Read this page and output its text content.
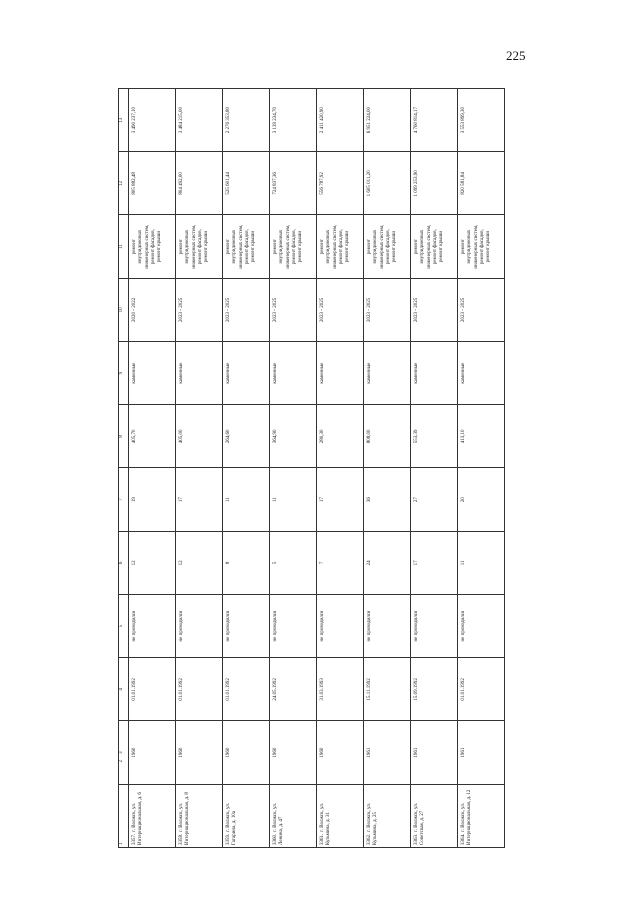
225
12	3	4	5	6	7	8	9	10	11	12	13
3357.г. Волжск, ул. Интернациональная, д. 6	1960	01.01.1992	не проводился	12	19	405,70	каменные	2020 - 2022	ремонт внутридомовых инженерных систем, ремонт фасадов, ремонт крыши	805 882,48	3 490 237,10
3358.г. Волжск, ул. Интернациональная, д. 8	1960	01.01.1992	не проводился	12	17	405,00	каменные	2023 - 2025	ремонт внутридомовых инженерных систем, ремонт фасадов, ремонт крыши	804 492,00	3 484 215,00
3359.г. Волжск, ул. Гагарина, д. 10а	1960	01.01.1992	не проводился	8	11	264,60	каменные	2023 - 2025	ремонт внутридомовых инженерных систем, ремонт фасадов, ремонт крыши	525 601,44	2 276 353,80
3360.г. Волжск, ул. Ленина, д. 47	1960	24.05.1992	не проводился	5	11	364,90	каменные	2023 - 2025	ремонт внутридомовых инженерных систем, ремонт фасадов, ремонт крыши	724 837,36	3 139 234,70
3361.г. Волжск, ул. Кузьмина, д. 31	1960	31.03.1993	не проводился	7	17	280,30	каменные	2023 - 2025	ремонт внутридомовых инженерных систем, ремонт фасадов, ремонт крыши	556 787,92	2 411 420,90
3362.г. Волжск, ул. Кузьмина, д. 25	1961	15.11.1992	не проводился	24	36	808,00	каменные	2023 - 2025	ремонт внутридомовых инженерных систем, ремонт фасадов, ремонт крыши	1 605 011,20	6 951 224,00
3363.г. Волжск, ул. Советская, д. 27	1961	15.09.1992	не проводился	17	27	553,39	каменные	2023 - 2025	ремонт внутридомовых инженерных систем, ремонт фасадов, ремонт крыши	1 099 253,90	4 760 814,17
3364.г. Волжск, ул. Интернациональная, д. 12	1961	01.01.1992	не проводился	11	20	413,10	каменные	2023 - 2025	ремонт внутридомовых инженерных систем, ремонт фасадов, ремонт крыши	820 581,84	3 553 899,30
